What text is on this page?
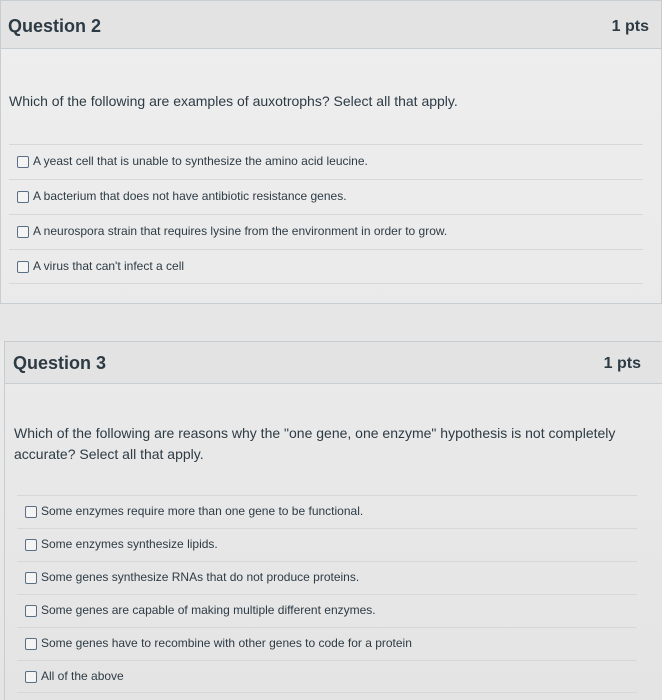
Question 2	1 pts
Which of the following are examples of auxotrophs? Select all that apply.
A yeast cell that is unable to synthesize the amino acid leucine.
A bacterium that does not have antibiotic resistance genes.
A neurospora strain that requires lysine from the environment in order to grow.
A virus that can't infect a cell
Question 3	1 pts
Which of the following are reasons why the "one gene, one enzyme" hypothesis is not completely accurate? Select all that apply.
Some enzymes require more than one gene to be functional.
Some enzymes synthesize lipids.
Some genes synthesize RNAs that do not produce proteins.
Some genes are capable of making multiple different enzymes.
Some genes have to recombine with other genes to code for a protein
All of the above
